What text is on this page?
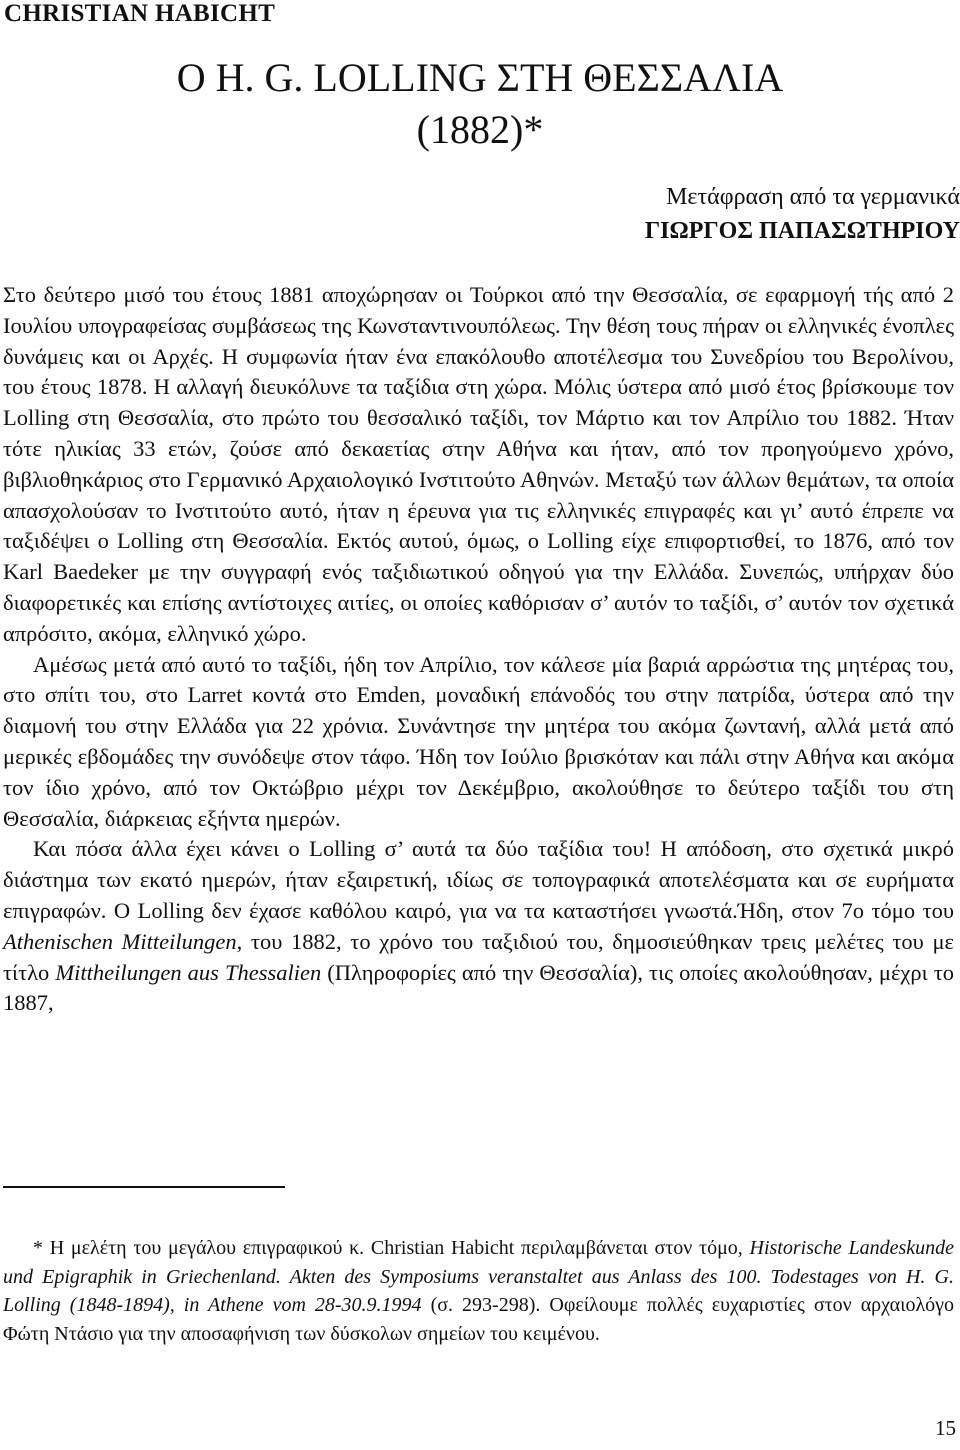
CHRISTIAN HABICHT
O H. G. LOLLING ΣΤΗ ΘΕΣΣΑΛΙΑ
(1882)*
Μετάφραση από τα γερμανικά
ΓΙΩΡΓΟΣ ΠΑΠΑΣΩΤΗΡΙΟΥ

Στο δεύτερο μισό του έτους 1881 αποχώρησαν οι Τούρκοι από την Θεσσαλία, σε εφαρμογή τής από 2 Ιουλίου υπογραφείσας συμβάσεως της Κωνσταντινουπόλεως. Την θέση τους πήραν οι ελληνικές ένοπλες δυνάμεις και οι Αρχές. Η συμφωνία ήταν ένα επακόλουθο αποτέλεσμα του Συνεδρίου του Βερολίνου, του έτους 1878. Η αλλαγή διευκόλυνε τα ταξίδια στη χώρα. Μόλις ύστερα από μισό έτος βρίσκουμε τον Lolling στη Θεσσαλία, στο πρώτο του θεσσαλικό ταξίδι, τον Μάρτιο και τον Απρίλιο του 1882. Ήταν τότε ηλικίας 33 ετών, ζούσε από δεκαετίας στην Αθήνα και ήταν, από τον προηγούμενο χρόνο, βιβλιοθηκάριος στο Γερμανικό Αρχαιολογικό Ινστιτούτο Αθηνών. Μεταξύ των άλλων θεμάτων, τα οποία απασχολούσαν το Ινστιτούτο αυτό, ήταν η έρευνα για τις ελληνικές επιγραφές και γι’ αυτό έπρεπε να ταξιδέψει ο Lolling στη Θεσσαλία. Εκτός αυτού, όμως, ο Lolling είχε επιφορτισθεί, το 1876, από τον Karl Baedeker με την συγγραφή ενός ταξιδιωτικού οδηγού για την Ελλάδα. Συνεπώς, υπήρχαν δύο διαφορετικές και επίσης αντίστοιχες αιτίες, οι οποίες καθόρισαν σ’ αυτόν το ταξίδι, σ’ αυτόν τον σχετικά απρόσιτο, ακόμα, ελληνικό χώρο.

Αμέσως μετά από αυτό το ταξίδι, ήδη τον Απρίλιο, τον κάλεσε μία βαριά αρρώστια της μητέρας του, στο σπίτι του, στο Larret κοντά στο Emden, μοναδική επάνοδός του στην πατρίδα, ύστερα από την διαμονή του στην Ελλάδα για 22 χρόνια. Συνάντησε την μητέρα του ακόμα ζωντανή, αλλά μετά από μερικές εβδομάδες την συνόδεψε στον τάφο. Ήδη τον Ιούλιο βρισκόταν και πάλι στην Αθήνα και ακόμα τον ίδιο χρόνο, από τον Οκτώβριο μέχρι τον Δεκέμβριο, ακολούθησε το δεύτερο ταξίδι του στη Θεσσαλία, διάρκειας εξήντα ημερών.

Και πόσα άλλα έχει κάνει ο Lolling σ’ αυτά τα δύο ταξίδια του! Η απόδοση, στο σχετικά μικρό διάστημα των εκατό ημερών, ήταν εξαιρετική, ιδίως σε τοπογραφικά αποτελέσματα και σε ευρήματα επιγραφών. Ο Lolling δεν έχασε καθόλου καιρό, για να τα καταστήσει γνωστά.Ήδη, στον 7ο τόμο του Athenischen Mitteilungen, του 1882, το χρόνο του ταξιδιού του, δημοσιεύθηκαν τρεις μελέτες του με τίτλο Mittheilungen aus Thessalien (Πληροφορίες από την Θεσσαλία), τις οποίες ακολούθησαν, μέχρι το 1887,

* Η μελέτη του μεγάλου επιγραφικού κ. Christian Habicht περιλαμβάνεται στον τόμο, Historische Landeskunde und Epigraphik in Griechenland. Akten des Symposiums veranstaltet aus Anlass des 100. Todestages von H. G. Lolling (1848-1894), in Athene vom 28-30.9.1994 (σ. 293-298). Οφείλουμε πολλές ευχαριστίες στον αρχαιολόγο Φώτη Ντάσιο για την αποσαφήνιση των δύσκολων σημείων του κειμένου.

15
